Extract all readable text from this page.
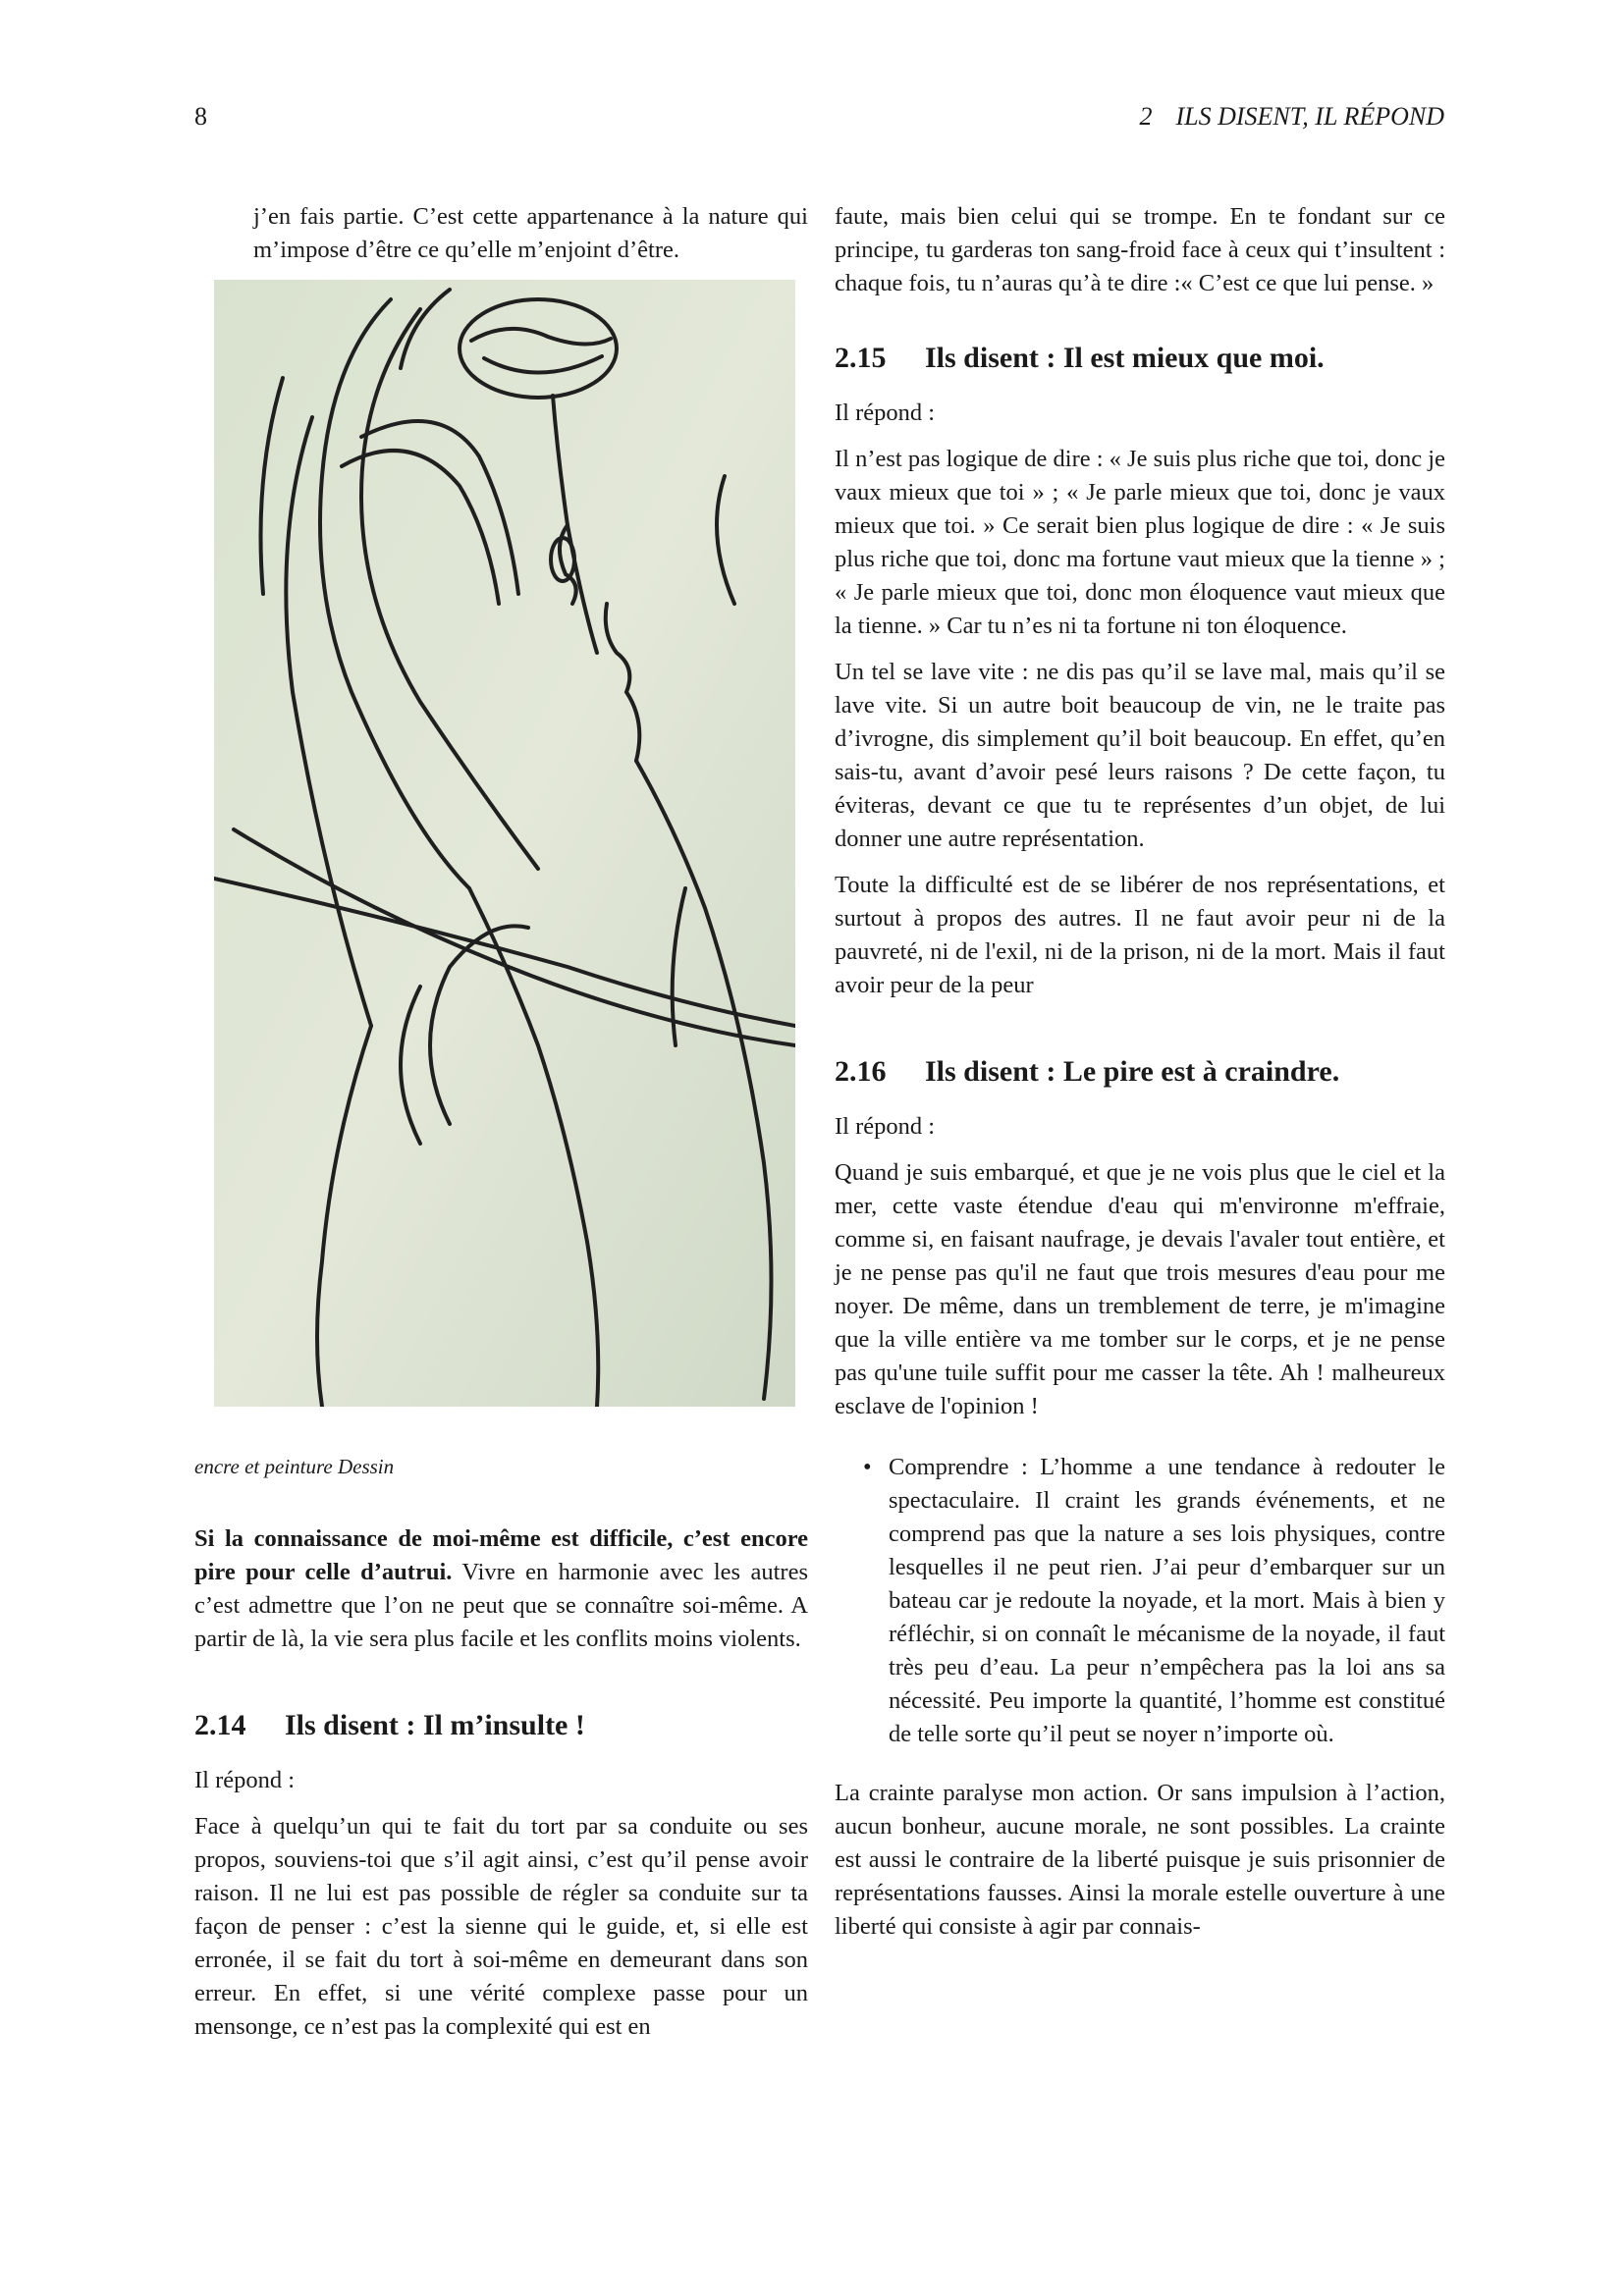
8	2 ILS DISENT, IL RÉPOND

j’en fais partie. C’est cette appartenance à la nature qui m’impose d’être ce qu’elle m’enjoint d’être.

encre et peinture Dessin

Si la connaissance de moi-même est difficile, c’est encore pire pour celle d’autrui. Vivre en harmonie avec les autres c’est admettre que l’on ne peut que se connaître soi-même. A partir de là, la vie sera plus facile et les conflits moins violents.

2.14 Ils disent : Il m’insulte !

Il répond :

Face à quelqu’un qui te fait du tort par sa conduite ou ses propos, souviens-toi que s’il agit ainsi, c’est qu’il pense avoir raison. Il ne lui est pas possible de régler sa conduite sur ta façon de penser : c’est la sienne qui le guide, et, si elle est erronée, il se fait du tort à soi-même en demeurant dans son erreur. En effet, si une vérité complexe passe pour un mensonge, ce n’est pas la complexité qui est en

faute, mais bien celui qui se trompe. En te fondant sur ce principe, tu garderas ton sang-froid face à ceux qui t’insultent : chaque fois, tu n’auras qu’à te dire :« C’est ce que lui pense. »

2.15 Ils disent : Il est mieux que moi.

Il répond :

Il n’est pas logique de dire : « Je suis plus riche que toi, donc je vaux mieux que toi » ; « Je parle mieux que toi, donc je vaux mieux que toi. » Ce serait bien plus logique de dire : « Je suis plus riche que toi, donc ma fortune vaut mieux que la tienne » ; « Je parle mieux que toi, donc mon éloquence vaut mieux que la tienne. » Car tu n’es ni ta fortune ni ton éloquence.

Un tel se lave vite : ne dis pas qu’il se lave mal, mais qu’il se lave vite. Si un autre boit beaucoup de vin, ne le traite pas d’ivrogne, dis simplement qu’il boit beaucoup. En effet, qu’en sais-tu, avant d’avoir pesé leurs raisons ? De cette façon, tu éviteras, devant ce que tu te représentes d’un objet, de lui donner une autre représentation.

Toute la difficulté est de se libérer de nos représentations, et surtout à propos des autres. Il ne faut avoir peur ni de la pauvreté, ni de l'exil, ni de la prison, ni de la mort. Mais il faut avoir peur de la peur

2.16 Ils disent : Le pire est à craindre.

Il répond :

Quand je suis embarqué, et que je ne vois plus que le ciel et la mer, cette vaste étendue d'eau qui m'environne m'effraie, comme si, en faisant naufrage, je devais l'avaler tout entière, et je ne pense pas qu'il ne faut que trois mesures d'eau pour me noyer. De même, dans un tremblement de terre, je m'imagine que la ville entière va me tomber sur le corps, et je ne pense pas qu'une tuile suffit pour me casser la tête. Ah ! malheureux esclave de l'opinion !

• Comprendre : L’homme a une tendance à redouter le spectaculaire. Il craint les grands événements, et ne comprend pas que la nature a ses lois physiques, contre lesquelles il ne peut rien. J’ai peur d’embarquer sur un bateau car je redoute la noyade, et la mort. Mais à bien y réfléchir, si on connaît le mécanisme de la noyade, il faut très peu d’eau. La peur n’empêchera pas la loi ans sa nécessité. Peu importe la quantité, l’homme est constitué de telle sorte qu’il peut se noyer n’importe où.

La crainte paralyse mon action. Or sans impulsion à l’action, aucun bonheur, aucune morale, ne sont possibles. La crainte est aussi le contraire de la liberté puisque je suis prisonnier de représentations fausses. Ainsi la morale estelle ouverture à une liberté qui consiste à agir par connais-
